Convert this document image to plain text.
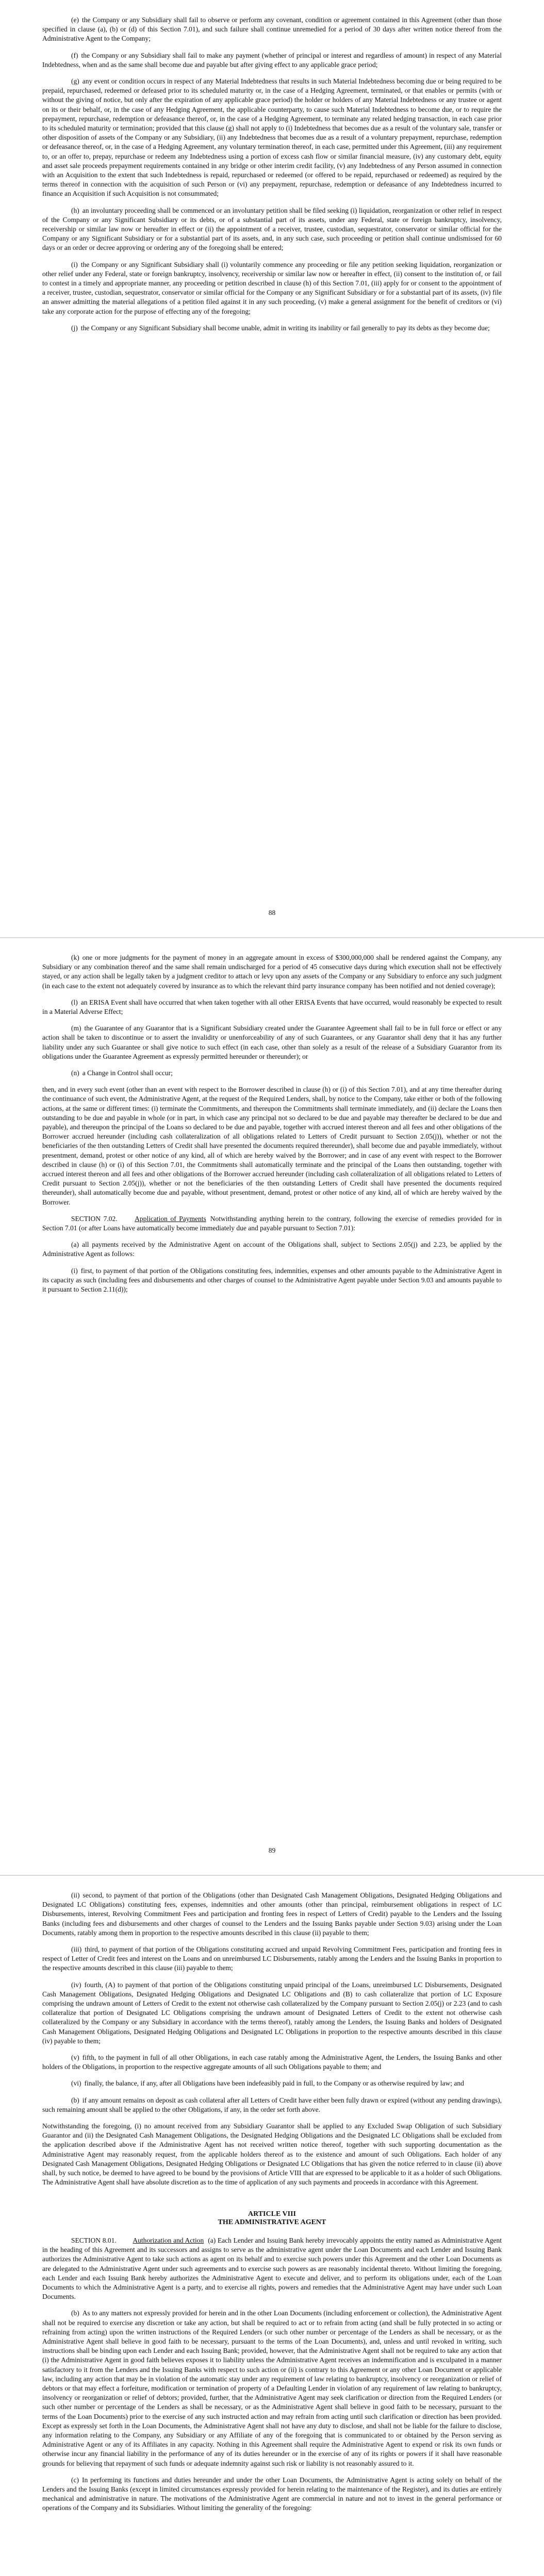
(e) the Company or any Subsidiary shall fail to observe or perform any covenant, condition or agreement contained in this Agreement (other than those specified in clause (a), (b) or (d) of this Section 7.01), and such failure shall continue unremedied for a period of 30 days after written notice thereof from the Administrative Agent to the Company;

(f) the Company or any Subsidiary shall fail to make any payment (whether of principal or interest and regardless of amount) in respect of any Material Indebtedness, when and as the same shall become due and payable but after giving effect to any applicable grace period;

(g) any event or condition occurs in respect of any Material Indebtedness that results in such Material Indebtedness becoming due or being required to be prepaid, repurchased, redeemed or defeased prior to its scheduled maturity or, in the case of a Hedging Agreement, terminated, or that enables or permits (with or without the giving of notice, but only after the expiration of any applicable grace period) the holder or holders of any Material Indebtedness or any trustee or agent on its or their behalf, or, in the case of any Hedging Agreement, the applicable counterparty, to cause such Material Indebtedness to become due, or to require the prepayment, repurchase, redemption or defeasance thereof, or, in the case of a Hedging Agreement, to terminate any related hedging transaction, in each case prior to its scheduled maturity or termination; provided that this clause (g) shall not apply to (i) Indebtedness that becomes due as a result of the voluntary sale, transfer or other disposition of assets of the Company or any Subsidiary, (ii) any Indebtedness that becomes due as a result of a voluntary prepayment, repurchase, redemption or defeasance thereof, or, in the case of a Hedging Agreement, any voluntary termination thereof, in each case, permitted under this Agreement, (iii) any requirement to, or an offer to, prepay, repurchase or redeem any Indebtedness using a portion of excess cash flow or similar financial measure, (iv) any customary debt, equity and asset sale proceeds prepayment requirements contained in any bridge or other interim credit facility, (v) any Indebtedness of any Person assumed in connection with an Acquisition to the extent that such Indebtedness is repaid, repurchased or redeemed (or offered to be repaid, repurchased or redeemed) as required by the terms thereof in connection with the acquisition of such Person or (vi) any prepayment, repurchase, redemption or defeasance of any Indebtedness incurred to finance an Acquisition if such Acquisition is not consummated;

(h) an involuntary proceeding shall be commenced or an involuntary petition shall be filed seeking (i) liquidation, reorganization or other relief in respect of the Company or any Significant Subsidiary or its debts, or of a substantial part of its assets, under any Federal, state or foreign bankruptcy, insolvency, receivership or similar law now or hereafter in effect or (ii) the appointment of a receiver, trustee, custodian, sequestrator, conservator or similar official for the Company or any Significant Subsidiary or for a substantial part of its assets, and, in any such case, such proceeding or petition shall continue undismissed for 60 days or an order or decree approving or ordering any of the foregoing shall be entered;

(i) the Company or any Significant Subsidiary shall (i) voluntarily commence any proceeding or file any petition seeking liquidation, reorganization or other relief under any Federal, state or foreign bankruptcy, insolvency, receivership or similar law now or hereafter in effect, (ii) consent to the institution of, or fail to contest in a timely and appropriate manner, any proceeding or petition described in clause (h) of this Section 7.01, (iii) apply for or consent to the appointment of a receiver, trustee, custodian, sequestrator, conservator or similar official for the Company or any Significant Subsidiary or for a substantial part of its assets, (iv) file an answer admitting the material allegations of a petition filed against it in any such proceeding, (v) make a general assignment for the benefit of creditors or (vi) take any corporate action for the purpose of effecting any of the foregoing;

(j) the Company or any Significant Subsidiary shall become unable, admit in writing its inability or fail generally to pay its debts as they become due;

88

(k) one or more judgments for the payment of money in an aggregate amount in excess of $300,000,000 shall be rendered against the Company, any Subsidiary or any combination thereof and the same shall remain undischarged for a period of 45 consecutive days during which execution shall not be effectively stayed, or any action shall be legally taken by a judgment creditor to attach or levy upon any assets of the Company or any Subsidiary to enforce any such judgment (in each case to the extent not adequately covered by insurance as to which the relevant third party insurance company has been notified and not denied coverage);

(l) an ERISA Event shall have occurred that when taken together with all other ERISA Events that have occurred, would reasonably be expected to result in a Material Adverse Effect;

(m) the Guarantee of any Guarantor that is a Significant Subsidiary created under the Guarantee Agreement shall fail to be in full force or effect or any action shall be taken to discontinue or to assert the invalidity or unenforceability of any of such Guarantees, or any Guarantor shall deny that it has any further liability under any such Guarantee or shall give notice to such effect (in each case, other than solely as a result of the release of a Subsidiary Guarantor from its obligations under the Guarantee Agreement as expressly permitted hereunder or thereunder); or

(n) a Change in Control shall occur;

then, and in every such event (other than an event with respect to the Borrower described in clause (h) or (i) of this Section 7.01), and at any time thereafter during the continuance of such event, the Administrative Agent, at the request of the Required Lenders, shall, by notice to the Company, take either or both of the following actions, at the same or different times: (i) terminate the Commitments, and thereupon the Commitments shall terminate immediately, and (ii) declare the Loans then outstanding to be due and payable in whole (or in part, in which case any principal not so declared to be due and payable may thereafter be declared to be due and payable), and thereupon the principal of the Loans so declared to be due and payable, together with accrued interest thereon and all fees and other obligations of the Borrower accrued hereunder (including cash collateralization of all obligations related to Letters of Credit pursuant to Section 2.05(j)), whether or not the beneficiaries of the then outstanding Letters of Credit shall have presented the documents required thereunder), shall become due and payable immediately, without presentment, demand, protest or other notice of any kind, all of which are hereby waived by the Borrower; and in case of any event with respect to the Borrower described in clause (h) or (i) of this Section 7.01, the Commitments shall automatically terminate and the principal of the Loans then outstanding, together with accrued interest thereon and all fees and other obligations of the Borrower accrued hereunder (including cash collateralization of all obligations related to Letters of Credit pursuant to Section 2.05(j)), whether or not the beneficiaries of the then outstanding Letters of Credit shall have presented the documents required thereunder), shall automatically become due and payable, without presentment, demand, protest or other notice of any kind, all of which are hereby waived by the Borrower.

SECTION 7.02. Application of Payments Notwithstanding anything herein to the contrary, following the exercise of remedies provided for in Section 7.01 (or after Loans have automatically become immediately due and payable pursuant to Section 7.01):

(a) all payments received by the Administrative Agent on account of the Obligations shall, subject to Sections 2.05(j) and 2.23, be applied by the Administrative Agent as follows:

(i) first, to payment of that portion of the Obligations constituting fees, indemnities, expenses and other amounts payable to the Administrative Agent in its capacity as such (including fees and disbursements and other charges of counsel to the Administrative Agent payable under Section 9.03 and amounts payable to it pursuant to Section 2.11(d));

89

(ii) second, to payment of that portion of the Obligations (other than Designated Cash Management Obligations, Designated Hedging Obligations and Designated LC Obligations) constituting fees, expenses, indemnities and other amounts (other than principal, reimbursement obligations in respect of LC Disbursements, interest, Revolving Commitment Fees and participation and fronting fees in respect of Letters of Credit) payable to the Lenders and the Issuing Banks (including fees and disbursements and other charges of counsel to the Lenders and the Issuing Banks payable under Section 9.03) arising under the Loan Documents, ratably among them in proportion to the respective amounts described in this clause (ii) payable to them;

(iii) third, to payment of that portion of the Obligations constituting accrued and unpaid Revolving Commitment Fees, participation and fronting fees in respect of Letter of Credit fees and interest on the Loans and on unreimbursed LC Disbursements, ratably among the Lenders and the Issuing Banks in proportion to the respective amounts described in this clause (iii) payable to them;

(iv) fourth, (A) to payment of that portion of the Obligations constituting unpaid principal of the Loans, unreimbursed LC Disbursements, Designated Cash Management Obligations, Designated Hedging Obligations and Designated LC Obligations and (B) to cash collateralize that portion of LC Exposure comprising the undrawn amount of Letters of Credit to the extent not otherwise cash collateralized by the Company pursuant to Section 2.05(j) or 2.23 (and to cash collateralize that portion of Designated LC Obligations comprising the undrawn amount of Designated Letters of Credit to the extent not otherwise cash collateralized by the Company or any Subsidiary in accordance with the terms thereof), ratably among the Lenders, the Issuing Banks and holders of Designated Cash Management Obligations, Designated Hedging Obligations and Designated LC Obligations in proportion to the respective amounts described in this clause (iv) payable to them;

(v) fifth, to the payment in full of all other Obligations, in each case ratably among the Administrative Agent, the Lenders, the Issuing Banks and other holders of the Obligations, in proportion to the respective aggregate amounts of all such Obligations payable to them; and

(vi) finally, the balance, if any, after all Obligations have been indefeasibly paid in full, to the Company or as otherwise required by law; and

(b) if any amount remains on deposit as cash collateral after all Letters of Credit have either been fully drawn or expired (without any pending drawings), such remaining amount shall be applied to the other Obligations, if any, in the order set forth above.

Notwithstanding the foregoing, (i) no amount received from any Subsidiary Guarantor shall be applied to any Excluded Swap Obligation of such Subsidiary Guarantor and (ii) the Designated Cash Management Obligations, the Designated Hedging Obligations and the Designated LC Obligations shall be excluded from the application described above if the Administrative Agent has not received written notice thereof, together with such supporting documentation as the Administrative Agent may reasonably request, from the applicable holders thereof as to the existence and amount of such Obligations. Each holder of any Designated Cash Management Obligations, Designated Hedging Obligations or Designated LC Obligations that has given the notice referred to in clause (ii) above shall, by such notice, be deemed to have agreed to be bound by the provisions of Article VIII that are expressed to be applicable to it as a holder of such Obligations. The Administrative Agent shall have absolute discretion as to the time of application of any such payments and proceeds in accordance with this Agreement.

ARTICLE VIII

THE ADMINISTRATIVE AGENT

SECTION 8.01. Authorization and Action (a) Each Lender and Issuing Bank hereby irrevocably appoints the entity named as Administrative Agent in the heading of this Agreement and its successors and assigns to serve as the administrative agent under the Loan Documents and each Lender and Issuing Bank authorizes the Administrative Agent to take such actions as agent on its behalf and to exercise such powers under this Agreement and the other Loan Documents as are delegated to the Administrative Agent under such agreements and to exercise such powers as are reasonably incidental thereto. Without limiting the foregoing, each Lender and each Issuing Bank hereby authorizes the Administrative Agent to execute and deliver, and to perform its obligations under, each of the Loan Documents to which the Administrative Agent is a party, and to exercise all rights, powers and remedies that the Administrative Agent may have under such Loan Documents.

(b) As to any matters not expressly provided for herein and in the other Loan Documents (including enforcement or collection), the Administrative Agent shall not be required to exercise any discretion or take any action, but shall be required to act or to refrain from acting (and shall be fully protected in so acting or refraining from acting) upon the written instructions of the Required Lenders (or such other number or percentage of the Lenders as shall be necessary, or as the Administrative Agent shall believe in good faith to be necessary, pursuant to the terms of the Loan Documents), and, unless and until revoked in writing, such instructions shall be binding upon each Lender and each Issuing Bank; provided, however, that the Administrative Agent shall not be required to take any action that (i) the Administrative Agent in good faith believes exposes it to liability unless the Administrative Agent receives an indemnification and is exculpated in a manner satisfactory to it from the Lenders and the Issuing Banks with respect to such action or (ii) is contrary to this Agreement or any other Loan Document or applicable law, including any action that may be in violation of the automatic stay under any requirement of law relating to bankruptcy, insolvency or reorganization or relief of debtors or that may effect a forfeiture, modification or termination of property of a Defaulting Lender in violation of any requirement of law relating to bankruptcy, insolvency or reorganization or relief of debtors; provided, further, that the Administrative Agent may seek clarification or direction from the Required Lenders (or such other number or percentage of the Lenders as shall be necessary, or as the Administrative Agent shall believe in good faith to be necessary, pursuant to the terms of the Loan Documents) prior to the exercise of any such instructed action and may refrain from acting until such clarification or direction has been provided. Except as expressly set forth in the Loan Documents, the Administrative Agent shall not have any duty to disclose, and shall not be liable for the failure to disclose, any information relating to the Company, any Subsidiary or any Affiliate of any of the foregoing that is communicated to or obtained by the Person serving as Administrative Agent or any of its Affiliates in any capacity. Nothing in this Agreement shall require the Administrative Agent to expend or risk its own funds or otherwise incur any financial liability in the performance of any of its duties hereunder or in the exercise of any of its rights or powers if it shall have reasonable grounds for believing that repayment of such funds or adequate indemnity against such risk or liability is not reasonably assured to it.

(c) In performing its functions and duties hereunder and under the other Loan Documents, the Administrative Agent is acting solely on behalf of the Lenders and the Issuing Banks (except in limited circumstances expressly provided for herein relating to the maintenance of the Register), and its duties are entirely mechanical and administrative in nature. The motivations of the Administrative Agent are commercial in nature and not to invest in the general performance or operations of the Company and its Subsidiaries. Without limiting the generality of the foregoing:
